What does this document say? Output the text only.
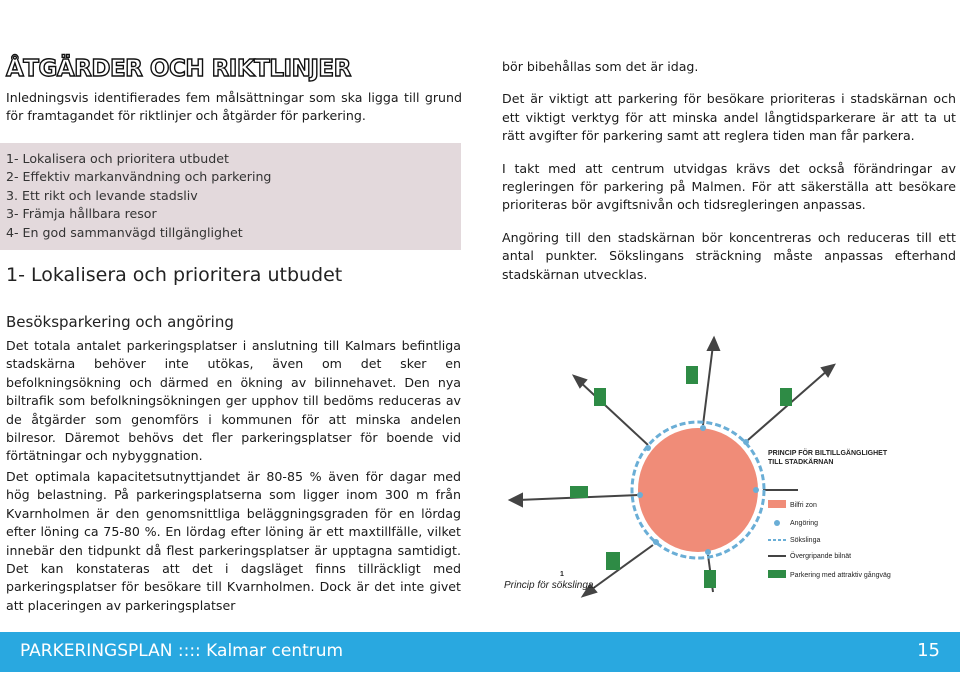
ÅTGÄRDER OCH RIKTLINJER

Inledningsvis identifierades fem målsättningar som ska ligga till grund för framtagandet för riktlinjer och åtgärder för parkering.

1- Lokalisera och prioritera utbudet
2- Effektiv markanvändning och parkering
3. Ett rikt och levande stadsliv
3- Främja hållbara resor
4- En god sammanvägd tillgänglighet
1- Lokalisera och prioritera utbudet
Besöksparkering och angöring

Det totala antalet parkeringsplatser i anslutning till Kalmars befintliga stadskärna behöver inte utökas, även om det sker en befolkningsökning och därmed en ökning av bilinnehavet. Den nya biltrafik som befolkningsökningen ger upphov till bedöms reduceras av de åtgärder som genomförs i kommunen för att minska andelen bilresor. Däremot behövs det fler parkeringsplatser för boende vid förtätningar och nybyggnation.

Det optimala kapacitetsutnyttjandet är 80-85 % även för dagar med hög belastning. På parkeringsplatserna som ligger inom 300 m från Kvarnholmen är den genomsnittliga beläggningsgraden för en lördag efter löning ca 75-80 %. En lördag efter löning är ett maxtillfälle, vilket innebär den tidpunkt då flest parkeringsplatser är upptagna samtidigt. Det kan konstateras att det i dagsläget finns tillräckligt med parkeringsplatser för besökare till Kvarnholmen. Dock är det inte givet att placeringen av parkeringsplatser

bör bibehållas som det är idag.

Det är viktigt att parkering för besökare prioriteras i stadskärnan och ett viktigt verktyg för att minska andel långtidsparkerare är att ta ut rätt avgifter för parkering samt att reglera tiden man får parkera.

I takt med att centrum utvidgas krävs det också förändringar av regleringen för parkering på Malmen. För att säkerställa att besökare prioriteras bör avgiftsnivån och tidsregleringen anpassas.

Angöring till den stadskärnan bör koncentreras och reduceras till ett antal punkter. Sökslingans sträckning måste anpassas efterhand stadskärnan utvecklas.

PRINCIP FÖR BILTILLGÄNGLIGHET
TILL STADKÄRNAN
Bilfri zon
Angöring
Sökslinga
Övergripande bilnät
Parkering med attraktiv gångväg
1
Princip för sökslinga.
PARKERINGSPLAN :::: Kalmar centrum	15
